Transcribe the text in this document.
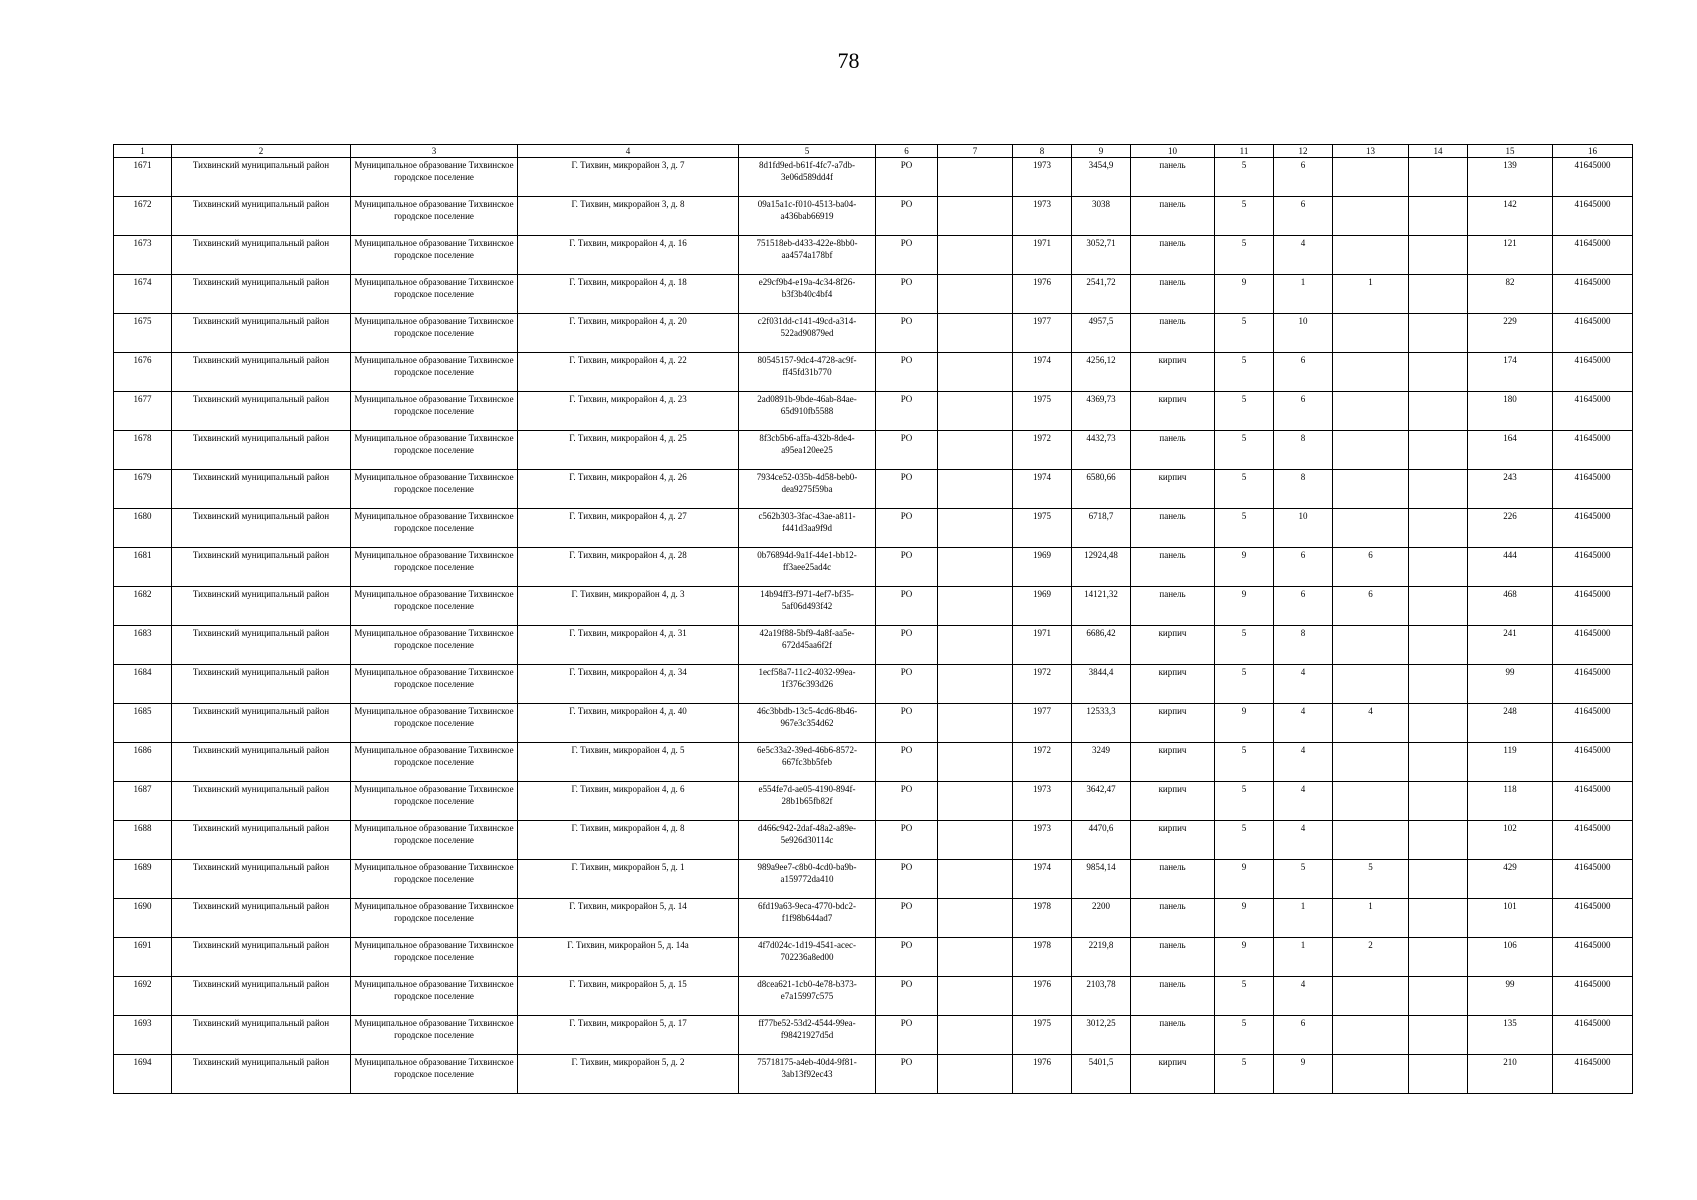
78
1	2	3	4	5	6	7	8	9	10	11	12	13	14	15	16
1671	Тихвинский муниципальный район	Муниципальное образование Тихвинское городское поселение	Г. Тихвин, микрорайон 3, д. 7	8d1fd9ed-b61f-4fc7-a7db-3e06d589dd4f	РО		1973	3454,9	панель	5	6			139	41645000
1672	Тихвинский муниципальный район	Муниципальное образование Тихвинское городское поселение	Г. Тихвин, микрорайон 3, д. 8	09a15a1c-f010-4513-ba04-a436bab66919	РО		1973	3038	панель	5	6			142	41645000
1673	Тихвинский муниципальный район	Муниципальное образование Тихвинское городское поселение	Г. Тихвин, микрорайон 4, д. 16	751518eb-d433-422e-8bb0-aa4574a178bf	РО		1971	3052,71	панель	5	4			121	41645000
1674	Тихвинский муниципальный район	Муниципальное образование Тихвинское городское поселение	Г. Тихвин, микрорайон 4, д. 18	e29cf9b4-e19a-4c34-8f26-b3f3b40c4bf4	РО		1976	2541,72	панель	9	1	1		82	41645000
1675	Тихвинский муниципальный район	Муниципальное образование Тихвинское городское поселение	Г. Тихвин, микрорайон 4, д. 20	c2f031dd-c141-49cd-a314-522ad90879ed	РО		1977	4957,5	панель	5	10			229	41645000
1676	Тихвинский муниципальный район	Муниципальное образование Тихвинское городское поселение	Г. Тихвин, микрорайон 4, д. 22	80545157-9dc4-4728-ac9f-ff45fd31b770	РО		1974	4256,12	кирпич	5	6			174	41645000
1677	Тихвинский муниципальный район	Муниципальное образование Тихвинское городское поселение	Г. Тихвин, микрорайон 4, д. 23	2ad0891b-9bde-46ab-84ae-65d910fb5588	РО		1975	4369,73	кирпич	5	6			180	41645000
1678	Тихвинский муниципальный район	Муниципальное образование Тихвинское городское поселение	Г. Тихвин, микрорайон 4, д. 25	8f3cb5b6-affa-432b-8de4-a95ea120ee25	РО		1972	4432,73	панель	5	8			164	41645000
1679	Тихвинский муниципальный район	Муниципальное образование Тихвинское городское поселение	Г. Тихвин, микрорайон 4, д. 26	7934ce52-035b-4d58-beb0-dea9275f59ba	РО		1974	6580,66	кирпич	5	8			243	41645000
1680	Тихвинский муниципальный район	Муниципальное образование Тихвинское городское поселение	Г. Тихвин, микрорайон 4, д. 27	c562b303-3fac-43ae-a811-f441d3aa9f9d	РО		1975	6718,7	панель	5	10			226	41645000
1681	Тихвинский муниципальный район	Муниципальное образование Тихвинское городское поселение	Г. Тихвин, микрорайон 4, д. 28	0b76894d-9a1f-44e1-bb12-ff3aee25ad4c	РО		1969	12924,48	панель	9	6	6		444	41645000
1682	Тихвинский муниципальный район	Муниципальное образование Тихвинское городское поселение	Г. Тихвин, микрорайон 4, д. 3	14b94ff3-f971-4ef7-bf35-5af06d493f42	РО		1969	14121,32	панель	9	6	6		468	41645000
1683	Тихвинский муниципальный район	Муниципальное образование Тихвинское городское поселение	Г. Тихвин, микрорайон 4, д. 31	42a19f88-5bf9-4a8f-aa5e-672d45aa6f2f	РО		1971	6686,42	кирпич	5	8			241	41645000
1684	Тихвинский муниципальный район	Муниципальное образование Тихвинское городское поселение	Г. Тихвин, микрорайон 4, д. 34	1ecf58a7-11c2-4032-99ea-1f376c393d26	РО		1972	3844,4	кирпич	5	4			99	41645000
1685	Тихвинский муниципальный район	Муниципальное образование Тихвинское городское поселение	Г. Тихвин, микрорайон 4, д. 40	46c3bbdb-13c5-4cd6-8b46-967e3c354d62	РО		1977	12533,3	кирпич	9	4	4		248	41645000
1686	Тихвинский муниципальный район	Муниципальное образование Тихвинское городское поселение	Г. Тихвин, микрорайон 4, д. 5	6e5c33a2-39ed-46b6-8572-667fc3bb5feb	РО		1972	3249	кирпич	5	4			119	41645000
1687	Тихвинский муниципальный район	Муниципальное образование Тихвинское городское поселение	Г. Тихвин, микрорайон 4, д. 6	e554fe7d-ae05-4190-894f-28b1b65fb82f	РО		1973	3642,47	кирпич	5	4			118	41645000
1688	Тихвинский муниципальный район	Муниципальное образование Тихвинское городское поселение	Г. Тихвин, микрорайон 4, д. 8	d466c942-2daf-48a2-a89e-5e926d30114c	РО		1973	4470,6	кирпич	5	4			102	41645000
1689	Тихвинский муниципальный район	Муниципальное образование Тихвинское городское поселение	Г. Тихвин, микрорайон 5, д. 1	989a9ee7-c8b0-4cd0-ba9b-a159772da410	РО		1974	9854,14	панель	9	5	5		429	41645000
1690	Тихвинский муниципальный район	Муниципальное образование Тихвинское городское поселение	Г. Тихвин, микрорайон 5, д. 14	6fd19a63-9eca-4770-bdc2-f1f98b644ad7	РО		1978	2200	панель	9	1	1		101	41645000
1691	Тихвинский муниципальный район	Муниципальное образование Тихвинское городское поселение	Г. Тихвин, микрорайон 5, д. 14а	4f7d024c-1d19-4541-acec-702236a8ed00	РО		1978	2219,8	панель	9	1	2		106	41645000
1692	Тихвинский муниципальный район	Муниципальное образование Тихвинское городское поселение	Г. Тихвин, микрорайон 5, д. 15	d8cea621-1cb0-4e78-b373-e7a15997c575	РО		1976	2103,78	панель	5	4			99	41645000
1693	Тихвинский муниципальный район	Муниципальное образование Тихвинское городское поселение	Г. Тихвин, микрорайон 5, д. 17	ff77be52-53d2-4544-99ea-f98421927d5d	РО		1975	3012,25	панель	5	6			135	41645000
1694	Тихвинский муниципальный район	Муниципальное образование Тихвинское городское поселение	Г. Тихвин, микрорайон 5, д. 2	75718175-a4eb-40d4-9f81-3ab13f92ec43	РО		1976	5401,5	кирпич	5	9			210	41645000
